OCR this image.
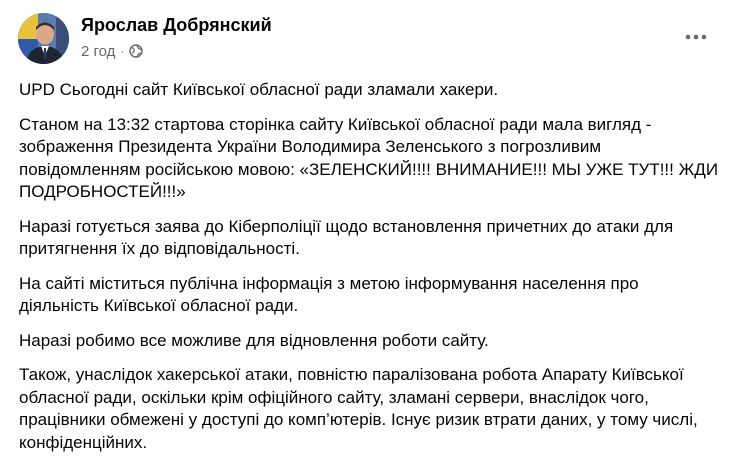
Ярослав Добрянский
2 год ·

UPD Сьогодні сайт Київської обласної ради зламали хакери.

Станом на 13:32 стартова сторінка сайту Київської обласної ради мала вигляд - зображення Президента України Володимира Зеленського з погрозливим повідомленням російською мовою: «ЗЕЛЕНСКИЙ!!!! ВНИМАНИЕ!!! МЫ УЖЕ ТУТ!!! ЖДИ ПОДРОБНОСТЕЙ!!!»

Наразі готується заява до Кіберполіції щодо встановлення причетних до атаки для притягнення їх до відповідальності.

На сайті міститься публічна інформація з метою інформування населення про діяльність Київської обласної ради.

Наразі робимо все можливе для відновлення роботи сайту.

Також, унаслідок хакерської атаки, повністю паралізована робота Апарату Київської обласної ради, оскільки крім офіційного сайту, зламані сервери, внаслідок чого, працівники обмежені у доступі до комп’ютерів. Існує ризик втрати даних, у тому числі, конфіденційних.
